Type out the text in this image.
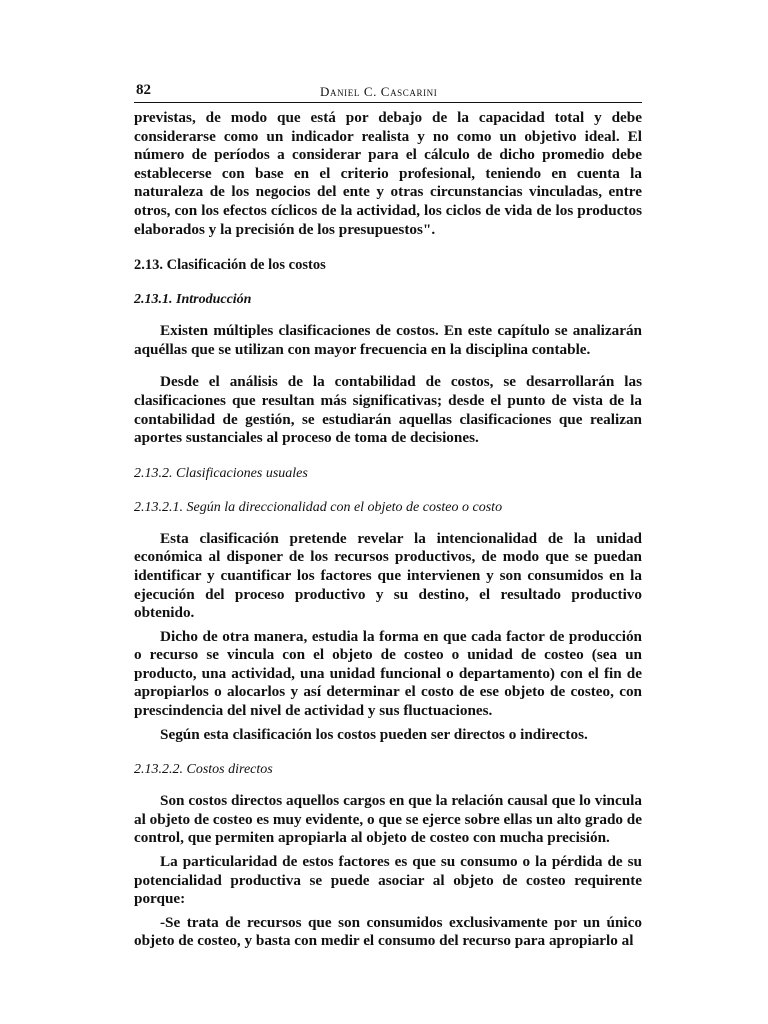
82	Daniel C. Cascarini

previstas, de modo que está por debajo de la capacidad total y debe considerarse como un indicador realista y no como un objetivo ideal. El número de períodos a considerar para el cálculo de dicho promedio debe establecerse con base en el criterio profesional, teniendo en cuenta la naturaleza de los negocios del ente y otras circunstancias vinculadas, entre otros, con los efectos cíclicos de la actividad, los ciclos de vida de los productos elaborados y la precisión de los presupuestos".

2.13. Clasificación de los costos
2.13.1. Introducción

Existen múltiples clasificaciones de costos. En este capítulo se analizarán aquéllas que se utilizan con mayor frecuencia en la disciplina contable.

Desde el análisis de la contabilidad de costos, se desarrollarán las clasificaciones que resultan más significativas; desde el punto de vista de la contabilidad de gestión, se estudiarán aquellas clasificaciones que realizan aportes sustanciales al proceso de toma de decisiones.

2.13.2. Clasificaciones usuales
2.13.2.1. Según la direccionalidad con el objeto de costeo o costo

Esta clasificación pretende revelar la intencionalidad de la unidad económica al disponer de los recursos productivos, de modo que se puedan identificar y cuantificar los factores que intervienen y son consumidos en la ejecución del proceso productivo y su destino, el resultado productivo obtenido.

Dicho de otra manera, estudia la forma en que cada factor de producción o recurso se vincula con el objeto de costeo o unidad de costeo (sea un producto, una actividad, una unidad funcional o departamento) con el fin de apropiarlos o alocarlos y así determinar el costo de ese objeto de costeo, con prescindencia del nivel de actividad y sus fluctuaciones.

Según esta clasificación los costos pueden ser directos o indirectos.

2.13.2.2. Costos directos

Son costos directos aquellos cargos en que la relación causal que lo vincula al objeto de costeo es muy evidente, o que se ejerce sobre ellas un alto grado de control, que permiten apropiarla al objeto de costeo con mucha precisión.

La particularidad de estos factores es que su consumo o la pérdida de su potencialidad productiva se puede asociar al objeto de costeo requirente porque:

-Se trata de recursos que son consumidos exclusivamente por un único objeto de costeo, y basta con medir el consumo del recurso para apropiarlo al
